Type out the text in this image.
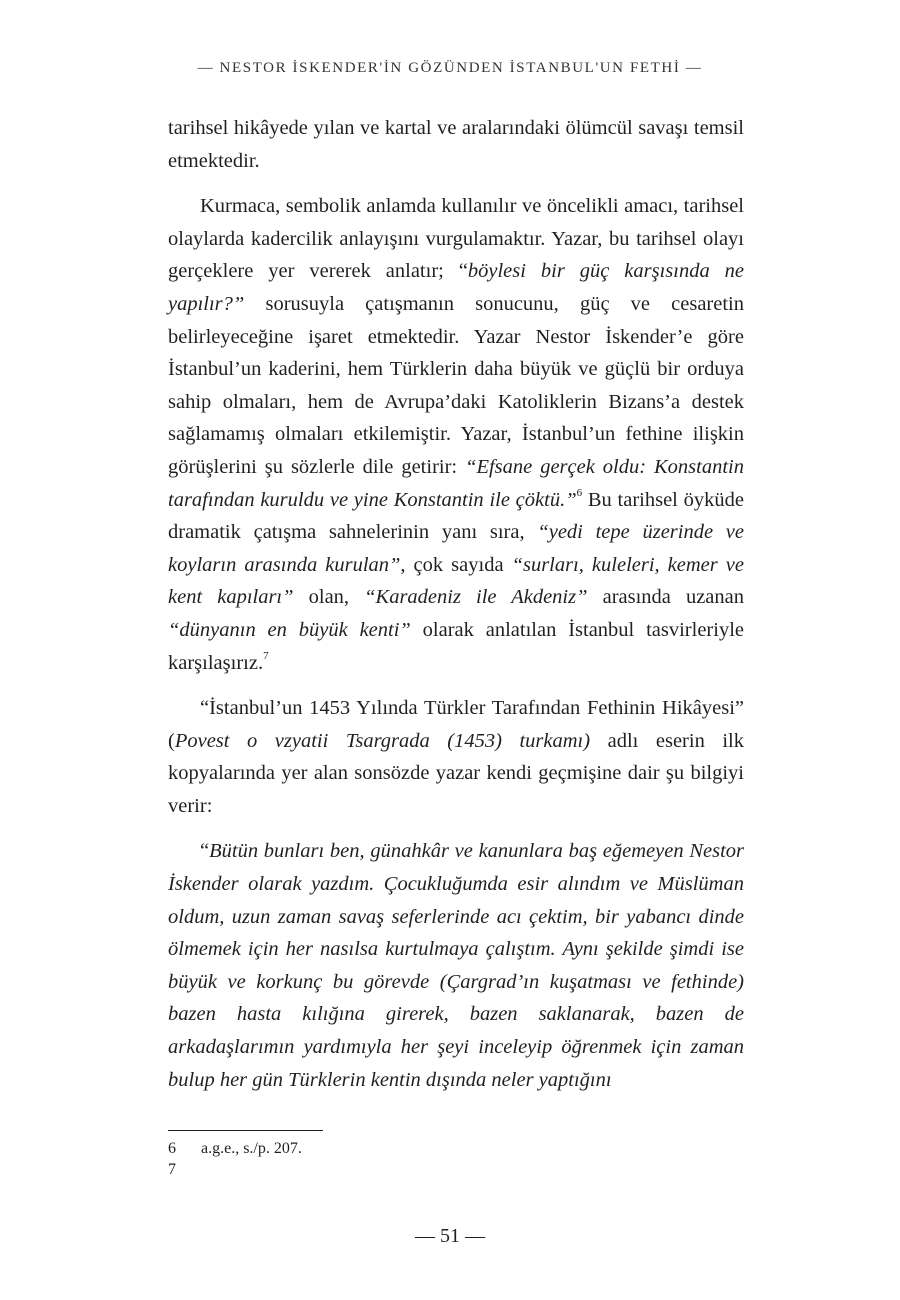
— NESTOR İSKENDER'İN GÖZÜNDEN İSTANBUL'UN FETHİ —

tarihsel hikâyede yılan ve kartal ve aralarındaki ölümcül savaşı temsil etmektedir.

Kurmaca, sembolik anlamda kullanılır ve öncelikli amacı, tarihsel olaylarda kadercilik anlayışını vurgulamaktır. Yazar, bu tarihsel olayı gerçeklere yer vererek anlatır; “böylesi bir güç karşısında ne yapılır?” sorusuyla çatışmanın sonucunu, güç ve cesaretin belirleyeceğine işaret etmektedir. Yazar Nestor İskender’e göre İstanbul’un kaderini, hem Türklerin daha büyük ve güçlü bir orduya sahip olmaları, hem de Avrupa’daki Katoliklerin Bizans’a destek sağlamamış olmaları etkilemiştir. Yazar, İstanbul’un fethine ilişkin görüşlerini şu sözlerle dile getirir: “Efsane gerçek oldu: Konstantin tarafından kuruldu ve yine Konstantin ile çöktü.”$^6$ Bu tarihsel öyküde dramatik çatışma sahnelerinin yanı sıra, “yedi tepe üzerinde ve koyların arasında kurulan”, çok sayıda “surları, kuleleri, kemer ve kent kapıları” olan, “Karadeniz ile Akdeniz” arasında uzanan “dünyanın en büyük kenti” olarak anlatılan İstanbul tasvirleriyle karşılaşırız.$^7$

“İstanbul’un 1453 Yılında Türkler Tarafından Fethinin Hikâyesi” (Povest o vzyatii Tsargrada (1453) turkamı) adlı eserin ilk kopyalarında yer alan sonsözde yazar kendi geçmişine dair şu bilgiyi verir:

“Bütün bunları ben, günahkâr ve kanunlara baş eğemeyen Nestor İskender olarak yazdım. Çocukluğumda esir alındım ve Müslüman oldum, uzun zaman savaş seferlerinde acı çektim, bir yabancı dinde ölmemek için her nasılsa kurtulmaya çalıştım. Aynı şekilde şimdi ise büyük ve korkunç bu görevde (Çargrad’ın kuşatması ve fethinde) bazen hasta kılığına girerek, bazen saklanarak, bazen de arkadaşlarımın yardımıyla her şeyi inceleyip öğrenmek için zaman bulup her gün Türklerin kentin dışında neler yaptığını

6	a.g.e., s./p. 207.
7
— 51 —
